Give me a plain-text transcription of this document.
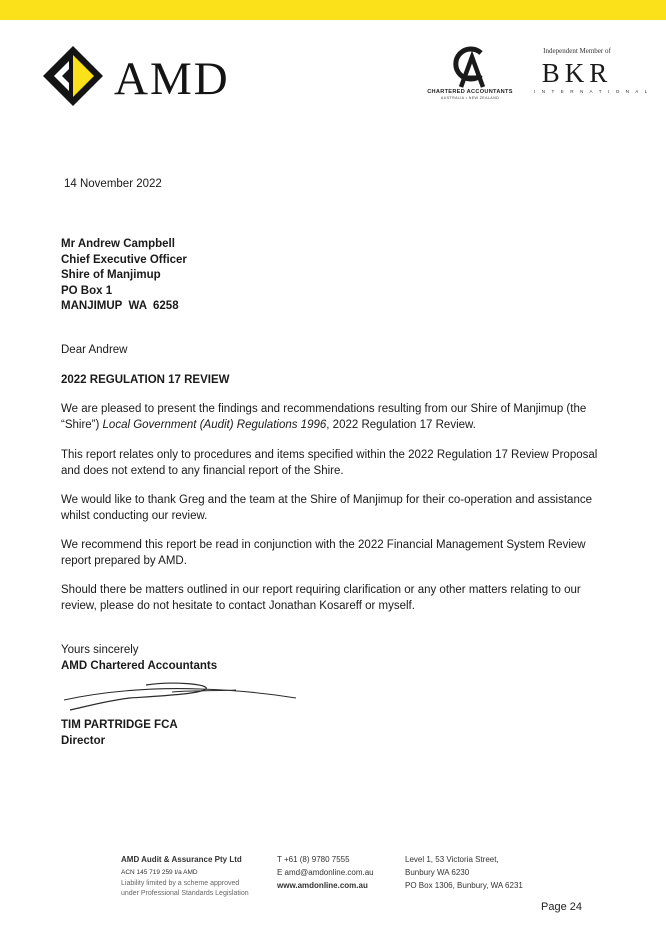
AMD	CHARTERED ACCOUNTANTS
AUSTRALIA • NEW ZEALAND
Independent Member of
BKR
I N T E R N A T I O N A L

14 November 2022

Mr Andrew Campbell
Chief Executive Officer
Shire of Manjimup
PO Box 1
MANJIMUP  WA  6258

Dear Andrew

2022 REGULATION 17 REVIEW

We are pleased to present the findings and recommendations resulting from our Shire of Manjimup (the “Shire”) Local Government (Audit) Regulations 1996, 2022 Regulation 17 Review.

This report relates only to procedures and items specified within the 2022 Regulation 17 Review Proposal and does not extend to any financial report of the Shire.

We would like to thank Greg and the team at the Shire of Manjimup for their co-operation and assistance whilst conducting our review.

We recommend this report be read in conjunction with the 2022 Financial Management System Review report prepared by AMD.

Should there be matters outlined in our report requiring clarification or any other matters relating to our review, please do not hesitate to contact Jonathan Kosareff or myself.

Yours sincerely
AMD Chartered Accountants
TIM PARTRIDGE FCA
Director
AMD Audit & Assurance Pty Ltd
ACN 145 719 259 t/a AMD
Liability limited by a scheme approved
under Professional Standards Legislation
T +61 (8) 9780 7555
E amd@amdonline.com.au
www.amdonline.com.au
Level 1, 53 Victoria Street,
Bunbury WA 6230
PO Box 1306, Bunbury, WA 6231
Page 24
